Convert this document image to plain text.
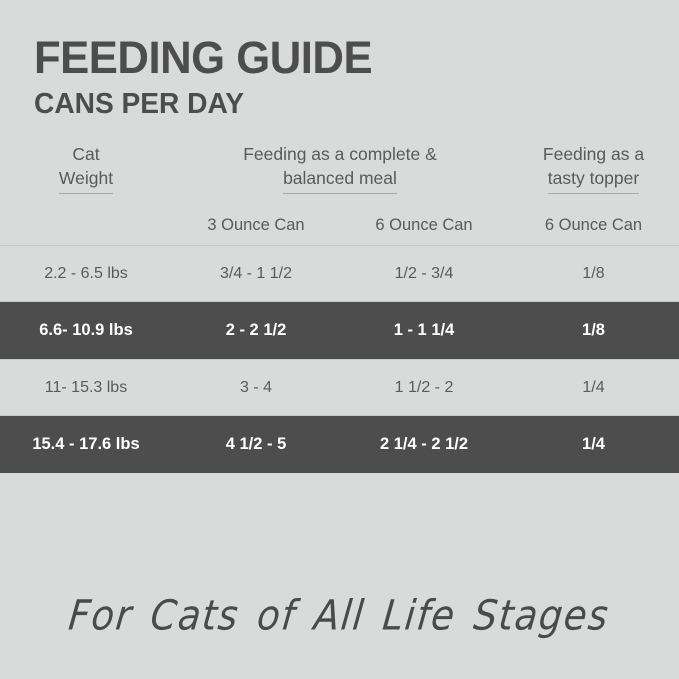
FEEDING GUIDE
CANS PER DAY
Cat
Weight
Feeding as a complete &
balanced meal
Feeding as a
tasty topper
3 Ounce Can	6 Ounce Can	6 Ounce Can
2.2 - 6.5 lbs	3/4 - 1 1/2	1/2 - 3/4	1/8
6.6- 10.9 lbs	2 - 2 1/2	1 - 1 1/4	1/8
11- 15.3 lbs	3 - 4	1 1/2 - 2	1/4
15.4 - 17.6 lbs	4 1/2 - 5	2 1/4 - 2 1/2	1/4
For Cats of All Life Stages
